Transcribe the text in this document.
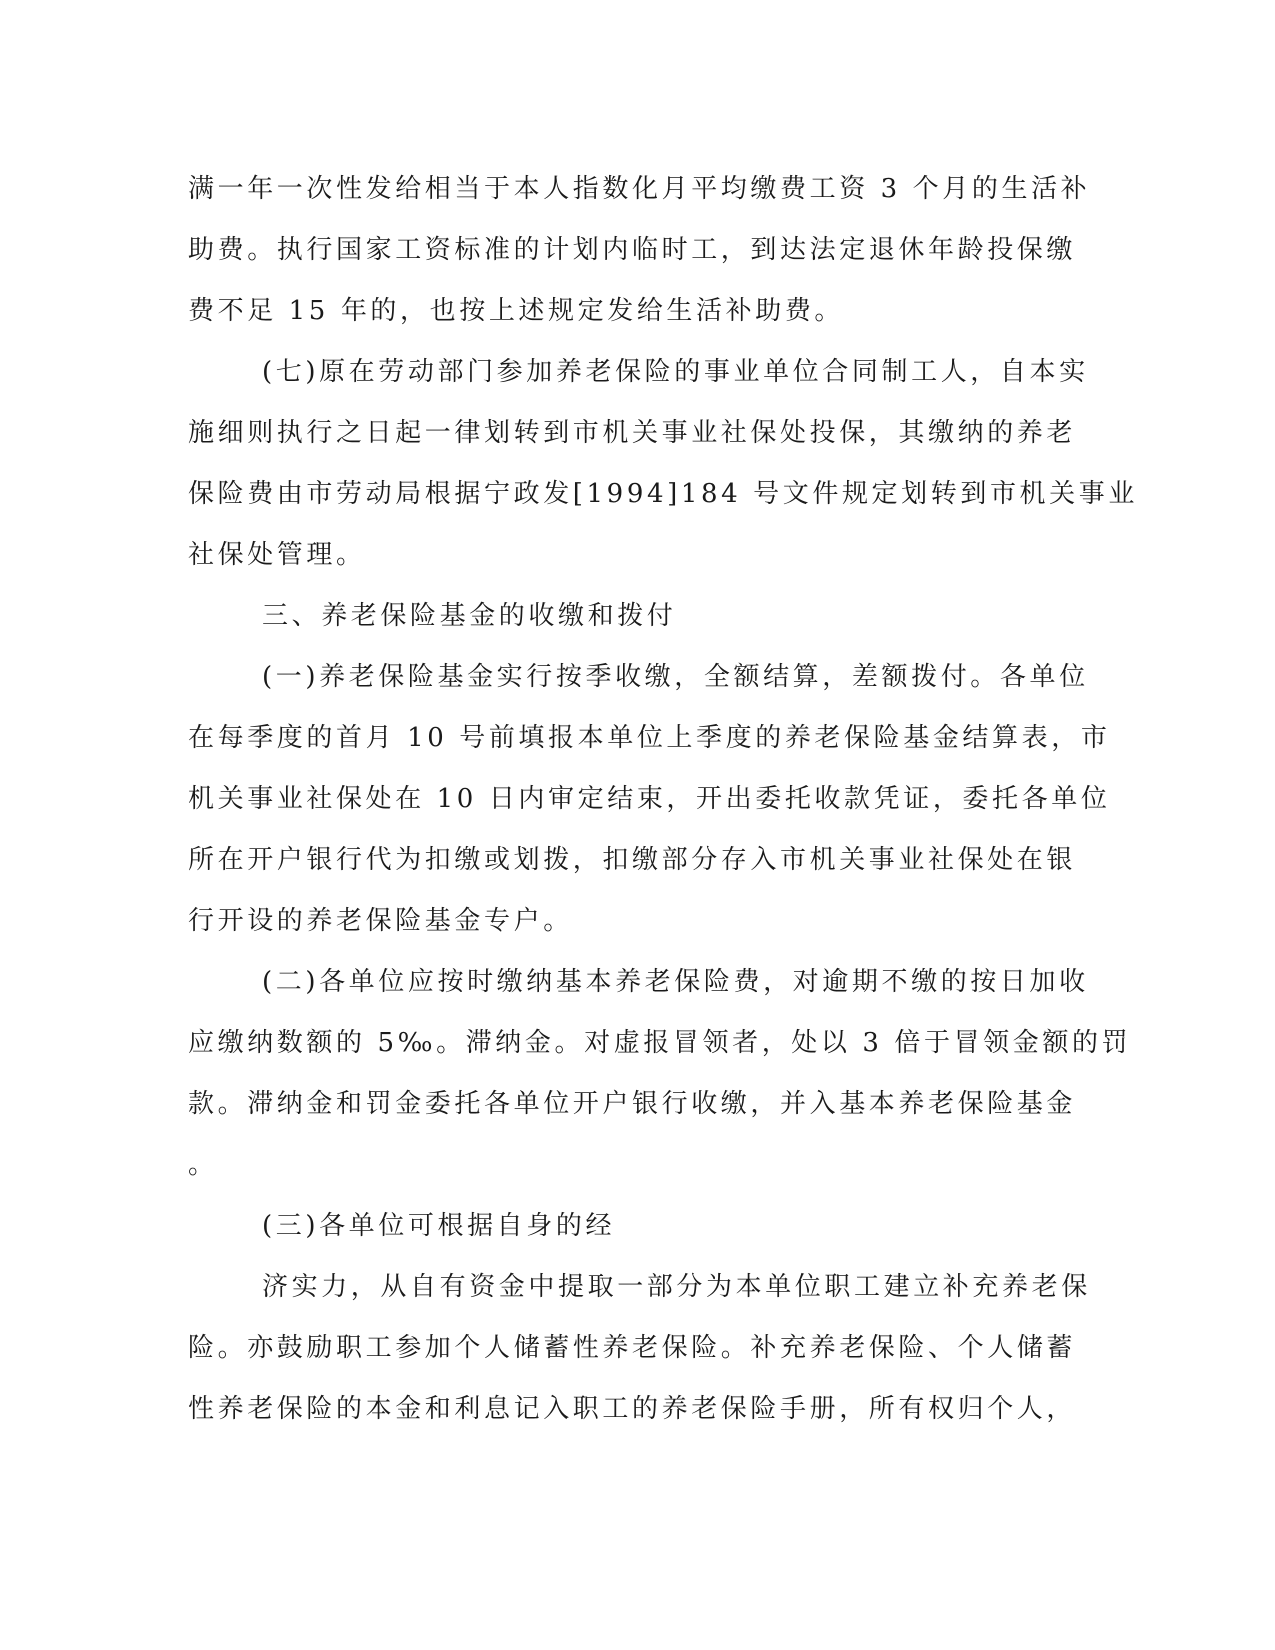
满一年一次性发给相当于本人指数化月平均缴费工资 3 个月的生活补
助费。执行国家工资标准的计划内临时工，到达法定退休年龄投保缴
费不足 15 年的，也按上述规定发给生活补助费。
(七)原在劳动部门参加养老保险的事业单位合同制工人，自本实
施细则执行之日起一律划转到市机关事业社保处投保，其缴纳的养老
保险费由市劳动局根据宁政发[1994]184 号文件规定划转到市机关事业
社保处管理。
三、养老保险基金的收缴和拨付
(一)养老保险基金实行按季收缴，全额结算，差额拨付。各单位
在每季度的首月 10 号前填报本单位上季度的养老保险基金结算表，市
机关事业社保处在 10 日内审定结束，开出委托收款凭证，委托各单位
所在开户银行代为扣缴或划拨，扣缴部分存入市机关事业社保处在银
行开设的养老保险基金专户。
(二)各单位应按时缴纳基本养老保险费，对逾期不缴的按日加收
应缴纳数额的 5‰。滞纳金。对虚报冒领者，处以 3 倍于冒领金额的罚
款。滞纳金和罚金委托各单位开户银行收缴，并入基本养老保险基金
。
(三)各单位可根据自身的经
济实力，从自有资金中提取一部分为本单位职工建立补充养老保
险。亦鼓励职工参加个人储蓄性养老保险。补充养老保险、个人储蓄
性养老保险的本金和利息记入职工的养老保险手册，所有权归个人，
